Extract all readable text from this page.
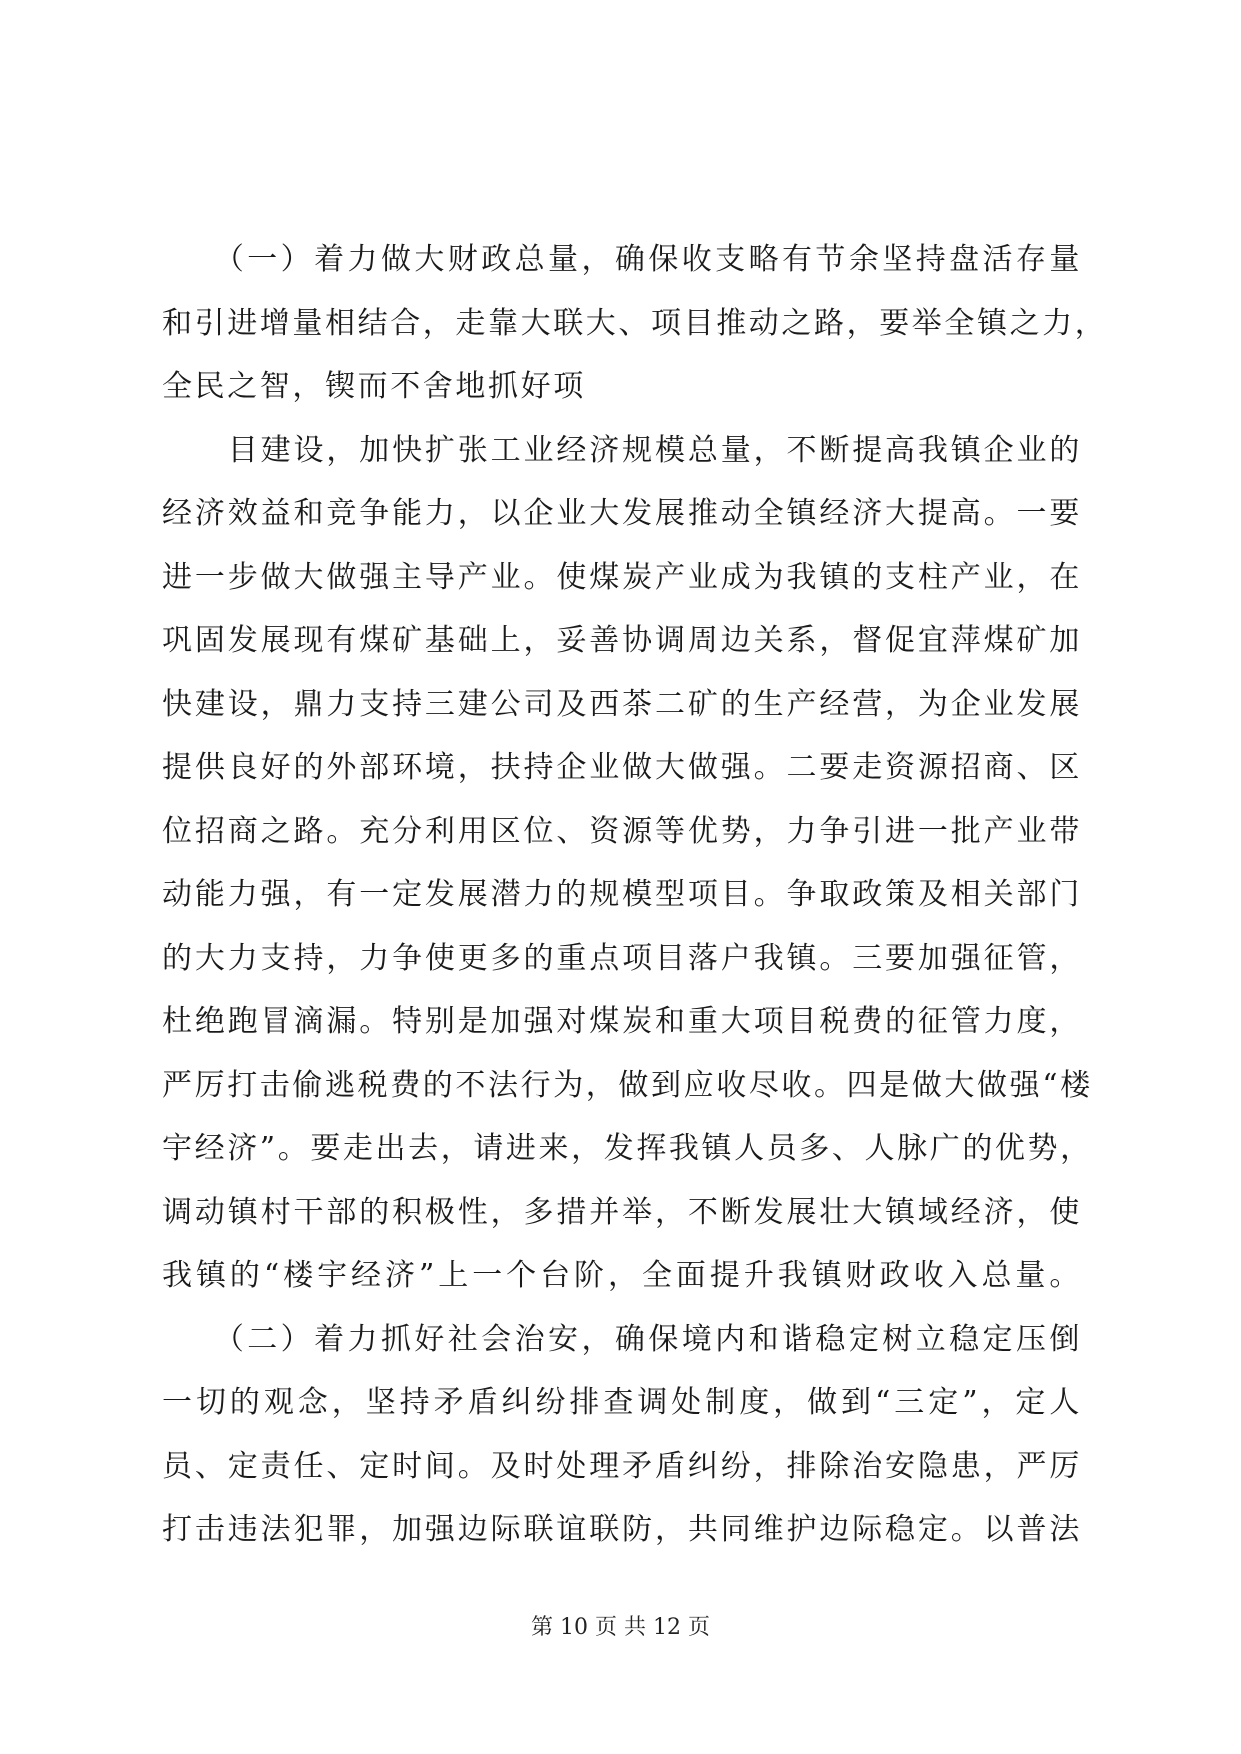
　　（一）着力做大财政总量，确保收支略有节余坚持盘活存量
和引进增量相结合，走靠大联大、项目推动之路，要举全镇之力，
全民之智，锲而不舍地抓好项
　　目建设，加快扩张工业经济规模总量，不断提高我镇企业的
经济效益和竞争能力，以企业大发展推动全镇经济大提高。一要
进一步做大做强主导产业。使煤炭产业成为我镇的支柱产业，在
巩固发展现有煤矿基础上，妥善协调周边关系，督促宜萍煤矿加
快建设，鼎力支持三建公司及西茶二矿的生产经营，为企业发展
提供良好的外部环境，扶持企业做大做强。二要走资源招商、区
位招商之路。充分利用区位、资源等优势，力争引进一批产业带
动能力强，有一定发展潜力的规模型项目。争取政策及相关部门
的大力支持，力争使更多的重点项目落户我镇。三要加强征管，
杜绝跑冒滴漏。特别是加强对煤炭和重大项目税费的征管力度，
严厉打击偷逃税费的不法行为，做到应收尽收。四是做大做强“楼
宇经济”。要走出去，请进来，发挥我镇人员多、人脉广的优势，
调动镇村干部的积极性，多措并举，不断发展壮大镇域经济，使
我镇的“楼宇经济”上一个台阶，全面提升我镇财政收入总量。
　　（二）着力抓好社会治安，确保境内和谐稳定树立稳定压倒
一切的观念，坚持矛盾纠纷排查调处制度，做到“三定”，定人
员、定责任、定时间。及时处理矛盾纠纷，排除治安隐患，严厉
打击违法犯罪，加强边际联谊联防，共同维护边际稳定。以普法
第 10 页 共 12 页
